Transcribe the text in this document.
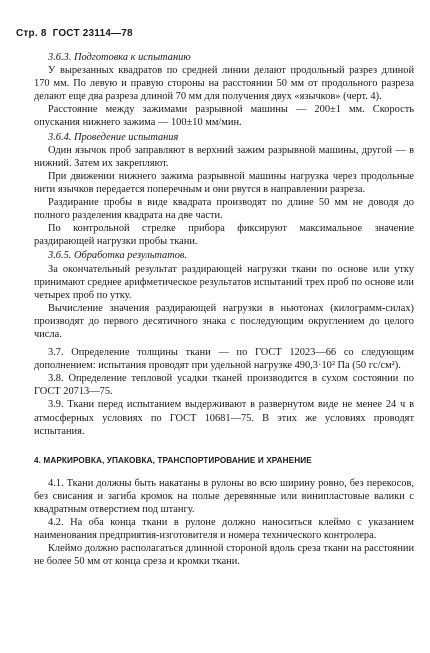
Стр. 8 ГОСТ 23114—78

3.6.3. Подготовка к испытанию

У вырезанных квадратов по средней линии делают продольный разрез длиной 170 мм. По левую и правую стороны на расстоянии 50 мм от продольного разреза делают еще два разреза длиной 70 мм для получения двух «язычков» (черт. 4).

Расстояние между зажимами разрывной машины — 200±1 мм. Скорость опускания нижнего зажима — 100±10 мм/мин.

3.6.4. Проведение испытания

Один язычок проб заправляют в верхний зажим разрывной машины, другой — в нижний. Затем их закрепляют.

При движении нижнего зажима разрывной машины нагрузка через продольные нити язычков передается поперечным и они рвутся в направлении разреза.

Раздирание пробы в виде квадрата производят по длине 50 мм не доводя до полного разделения квадрата на две части.

По контрольной стрелке прибора фиксируют максимальное значение раздирающей нагрузки пробы ткани.

3.6.5. Обработка результатов.

За окончательный результат раздирающей нагрузки ткани по основе или утку принимают среднее арифметическое результатов испытаний трех проб по основе или четырех проб по утку.

Вычисление значения раздирающей нагрузки в ньютонах (килограмм-силах) производят до первого десятичного знака с последующим округлением до целого числа.

3.7. Определение толщины ткани — по ГОСТ 12023—66 со следующим дополнением: испытания проводят при удельной нагрузке 490,3·10² Па (50 гс/см²).

3.8. Определение тепловой усадки тканей производится в сухом состоянии по ГОСТ 20713—75.

3.9. Ткани перед испытанием выдерживают в развернутом виде не менее 24 ч в атмосферных условиях по ГОСТ 10681—75. В этих же условиях проводят испытания.

4. МАРКИРОВКА, УПАКОВКА, ТРАНСПОРТИРОВАНИЕ И ХРАНЕНИЕ

4.1. Ткани должны быть накатаны в рулоны во всю ширину ровно, без перекосов, без свисания и загиба кромок на полые деревянные или винипластовые валики с квадратным отверстием под штангу.

4.2. На оба конца ткани в рулоне должно наноситься клеймо с указанием наименования предприятия-изготовителя и номера технического контролера.

Клеймо должно располагаться длинной стороной вдоль среза ткани на расстоянии не более 50 мм от конца среза и кромки ткани.
